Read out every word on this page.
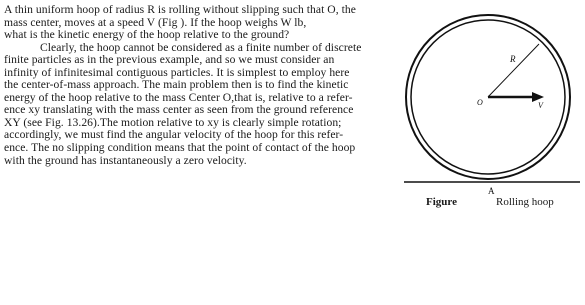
A thin uniform hoop of radius R is rolling without slipping such that O, the
mass center, moves at a speed V (Fig ). If the hoop weighs W lb,
what is the kinetic energy of the hoop relative to the ground?
Clearly, the hoop cannot be considered as a finite number of discrete
finite particles as in the previous example, and so we must consider an
infinity of infinitesimal contiguous particles. It is simplest to employ here
the center-of-mass approach. The main problem then is to find the kinetic
energy of the hoop relative to the mass Center O,that is, relative to a refer-
ence xy translating with the mass center as seen from the ground reference
XY (see Fig. 13.26).The motion relative to xy is clearly simple rotation;
accordingly, we must find the angular velocity of the hoop for this refer-
ence. The no slipping condition means that the point of contact of the hoop
with the ground has instantaneously a zero velocity.
R
O	V
A
Figure	Rolling hoop
